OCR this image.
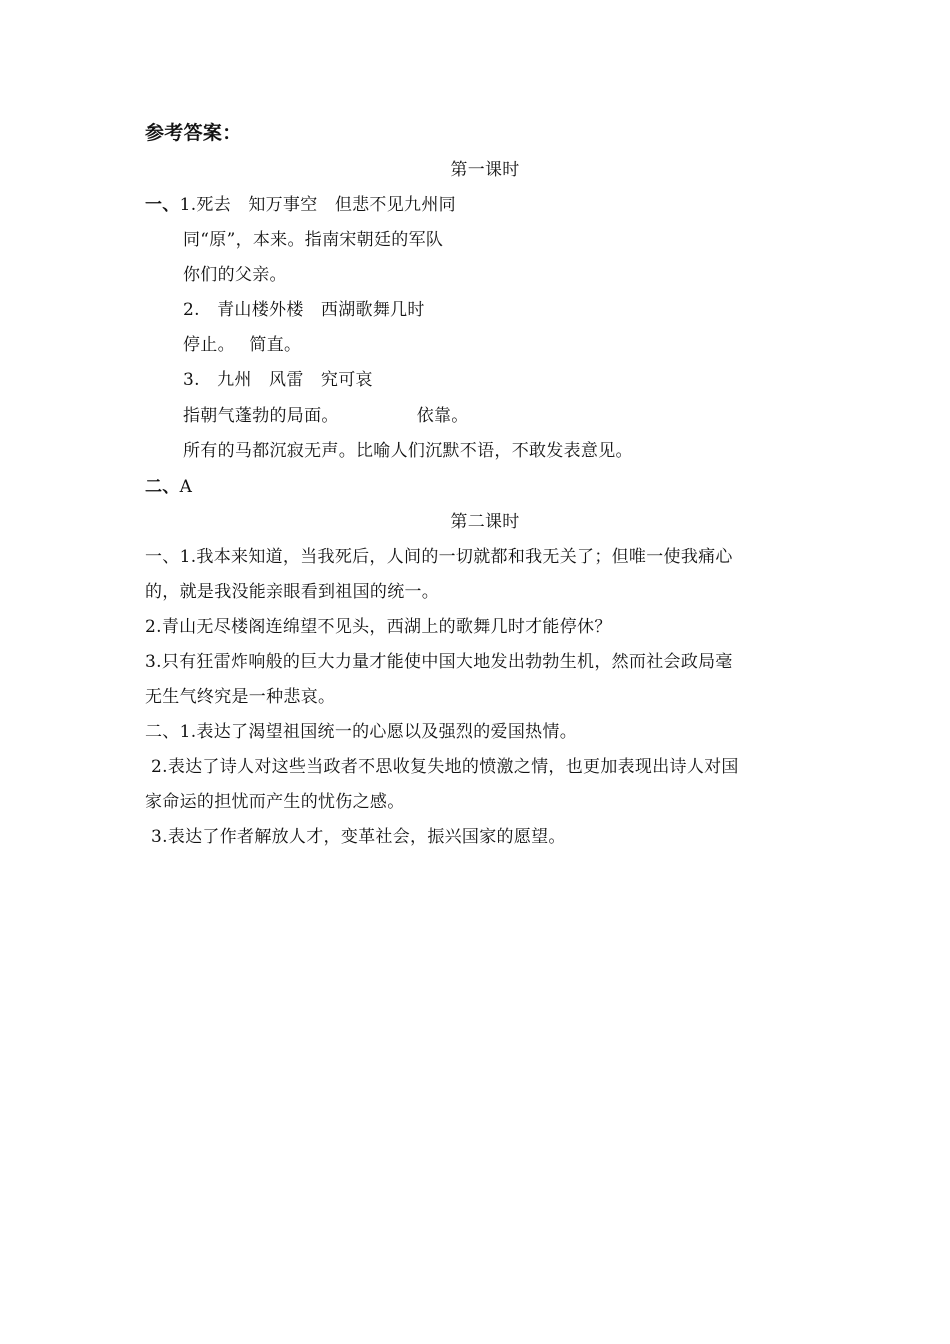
参考答案：
第一课时
一、1.死去　知万事空　但悲不见九州同
同“原”，本来。指南宋朝廷的军队
你们的父亲。
2.　青山楼外楼　西湖歌舞几时
停止。　 简直。
3.　九州　风雷　究可哀
指朝气蓬勃的局面。　　　　　依靠。
所有的马都沉寂无声。比喻人们沉默不语，不敢发表意见。
二、A
第二课时
一、1.我本来知道，当我死后，人间的一切就都和我无关了；但唯一使我痛心
的，就是我没能亲眼看到祖国的统一。
2.青山无尽楼阁连绵望不见头，西湖上的歌舞几时才能停休？
3.只有狂雷炸响般的巨大力量才能使中国大地发出勃勃生机，然而社会政局毫
无生气终究是一种悲哀。
二、1.表达了渴望祖国统一的心愿以及强烈的爱国热情。
2.表达了诗人对这些当政者不思收复失地的愤激之情，也更加表现出诗人对国
家命运的担忧而产生的忧伤之感。
3.表达了作者解放人才，变革社会，振兴国家的愿望。
